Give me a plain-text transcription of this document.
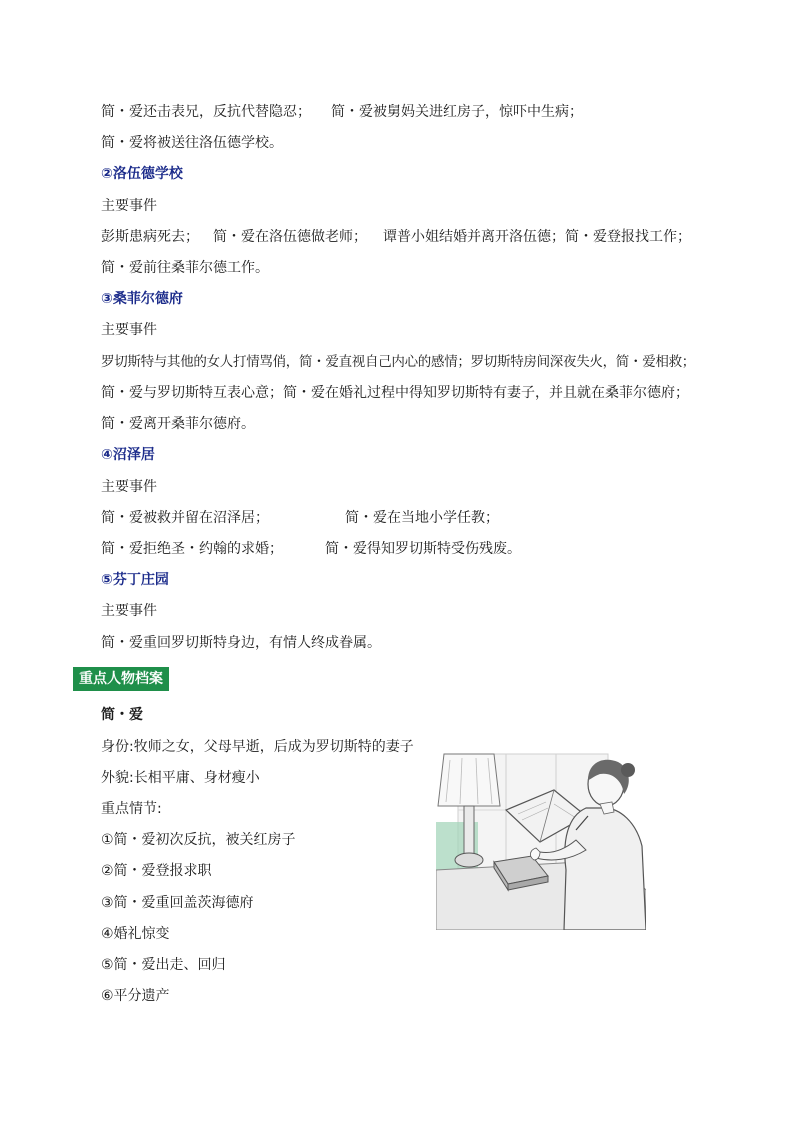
简・爱还击表兄，反抗代替隐忍； 简・爱被舅妈关进红房子，惊吓中生病；
简・爱将被送往洛伍德学校。
②洛伍德学校
主要事件
彭斯患病死去； 简・爱在洛伍德做老师； 谭普小姐结婚并离开洛伍德；简・爱登报找工作；
简・爱前往桑菲尔德工作。
③桑菲尔德府
主要事件
罗切斯特与其他的女人打情骂俏，简・爱直视自己内心的感情；罗切斯特房间深夜失火，简・爱相救；
简・爱与罗切斯特互表心意；简・爱在婚礼过程中得知罗切斯特有妻子，并且就在桑菲尔德府；
简・爱离开桑菲尔德府。
④沼泽居
主要事件
简・爱被救并留在沼泽居；	简・爱在当地小学任教；
简・爱拒绝圣・约翰的求婚；	简・爱得知罗切斯特受伤残废。
⑤芬丁庄园
主要事件
简・爱重回罗切斯特身边，有情人终成眷属。
重点人物档案
简・爱
身份:牧师之女，父母早逝，后成为罗切斯特的妻子
外貌:长相平庸、身材瘦小
重点情节:
①简・爱初次反抗，被关红房子
②简・爱登报求职
③简・爱重回盖茨海德府
④婚礼惊变
⑤简・爱出走、回归
⑥平分遗产
